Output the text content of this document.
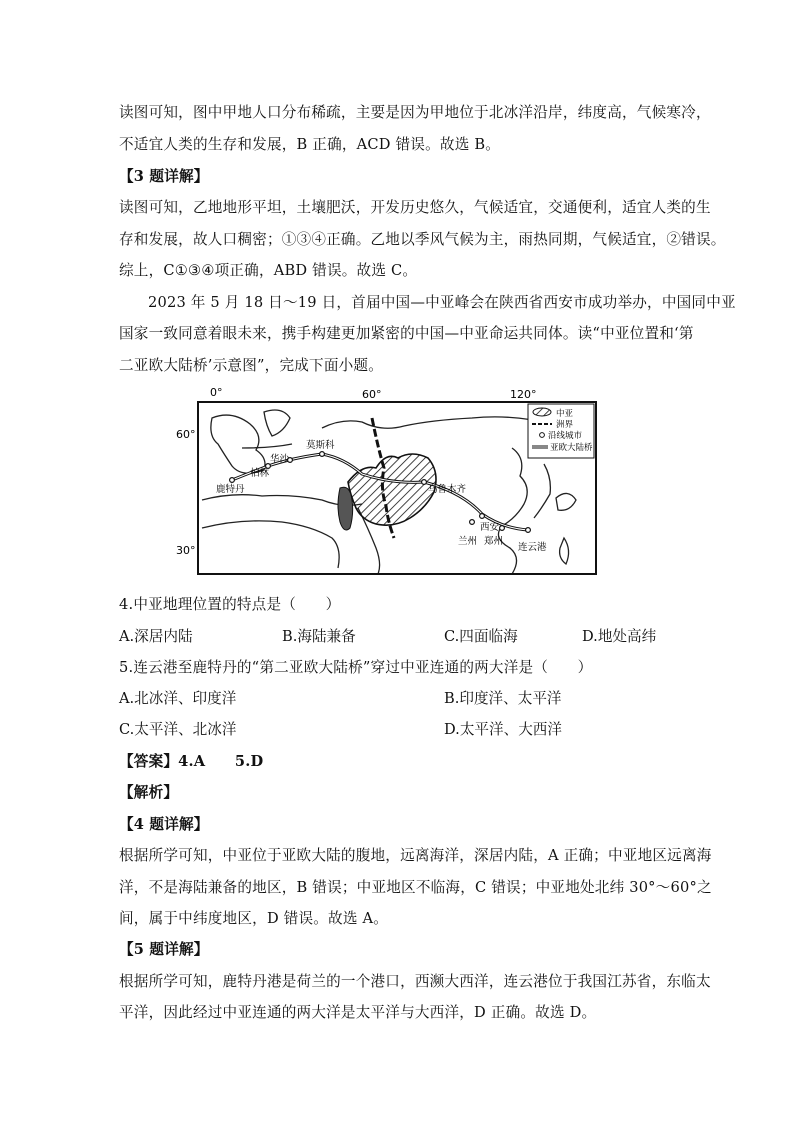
读图可知，图中甲地人口分布稀疏，主要是因为甲地位于北冰洋沿岸，纬度高，气候寒冷，
不适宜人类的生存和发展，B 正确，ACD 错误。故选 B。
【3 题详解】
读图可知，乙地地形平坦，土壤肥沃，开发历史悠久，气候适宜，交通便利，适宜人类的生
存和发展，故人口稠密；①③④正确。乙地以季风气候为主，雨热同期，气候适宜，②错误。
综上，C①③④项正确，ABD 错误。故选 C。
2023 年 5 月 18 日～19 日，首届中国—中亚峰会在陕西省西安市成功举办，中国同中亚
国家一致同意着眼未来，携手构建更加紧密的中国—中亚命运共同体。读“中亚位置和‘第
二亚欧大陆桥’示意图”，完成下面小题。
0°	60°	120°
60°
30°
莫斯科
华沙
柏林
鹿特丹	乌鲁木齐
西安
兰州 郑州
连云港
中亚
洲界
沿线城市
亚欧大陆桥
4.中亚地理位置的特点是（　　）
A.深居内陆	B.海陆兼备	C.四面临海	D.地处高纬
5.连云港至鹿特丹的“第二亚欧大陆桥”穿过中亚连通的两大洋是（　　）
A.北冰洋、印度洋	B.印度洋、太平洋
C.太平洋、北冰洋	D.太平洋、大西洋
【答案】4.A　　5.D
【解析】
【4 题详解】
根据所学可知，中亚位于亚欧大陆的腹地，远离海洋，深居内陆，A 正确；中亚地区远离海
洋，不是海陆兼备的地区，B 错误；中亚地区不临海，C 错误；中亚地处北纬 30°～60°之
间，属于中纬度地区，D 错误。故选 A。
【5 题详解】
根据所学可知，鹿特丹港是荷兰的一个港口，西濒大西洋，连云港位于我国江苏省，东临太
平洋，因此经过中亚连通的两大洋是太平洋与大西洋，D 正确。故选 D。
